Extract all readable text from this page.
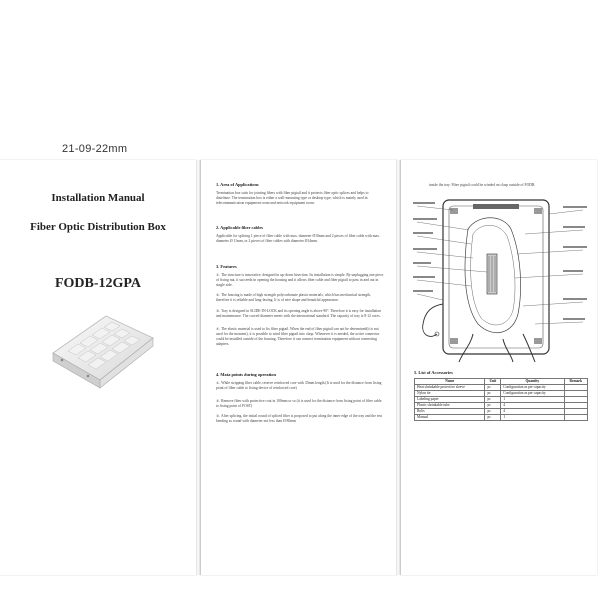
21-09-22mm
Installation Manual
Fiber Optic Distribution Box
FODB-12GPA
1. Area of Applications
Termination box suits for jointing fibers with fiber pigtail and it protects fiber optic splices and helps to distribute. The termination box is either a wall-mounting type or desktop type, which is mainly used in telecommunication equipment room and network equipment room.
2. Applicable fiber cables
Applicable for splicing 1 piece of fiber cable with max. diameter Ø10mm and 2 pieces of fiber cable with max. diameter Ø 11mm, or 2 pieces of fiber cables with diameter Ø14mm.
3. Features
①. The structure is innovative, designed in up-down bisection. Its installation is simple. By unplugging one piece of fixing nut, it succeeds in opening the housing and it allows fiber cable and fiber pigtail to pass in and out in single side.
②. The housing is made of high strength polycarbonate plastic materials, which has mechanical strength, therefore it is reliable and long-lasting. It is of nice shape and beautiful appearance.
③. Tray is designed in SLIDE-IN-LOCK and its opening angle is above 90°. Therefore it is easy for installation and maintenance. The curved diameter meets with the international standard. The capacity of tray is 8-12 cores.
④. The elastic material is used to fix fiber pigtail. When the end of fiber pigtail can not be determined(it is not used for the moment), it is possible to wind fiber pigtail into clasp. Whenever it is needed, the active connector could be installed outside of the housing. Therefore it can connect termination equipment without connecting adapters.
4. Mata points during operation
①. While stripping fiber cable, reserve reinforced core with 35mm length.(It is used for the distance from fixing point of fiber cable to fixing device of reinforced core)
②. Remove fiber with protective coat in 100mm or so (it is used for the distance from fixing point of fiber cable to fixing point of FOST)
③. After splicing, the initial round of spliced fiber is proposed to put along the inner edge of the tray and the rest bending as round with diameter not less than Ø 80mm
inside the tray. Fiber pigtail could be winded on clasp outside of FODB.
5. List of Accessories
Name	Unit	Quantity	Remark
Heat shrinkable protective sleeve	pc	Configuration as per capacity	
Nylon tie	pc	Configuration as per capacity	
Labeling paper	pc	1	
Plastic shrinkable tube	pc	4	
Bolts	pc	4	
Manual	pc	1	
